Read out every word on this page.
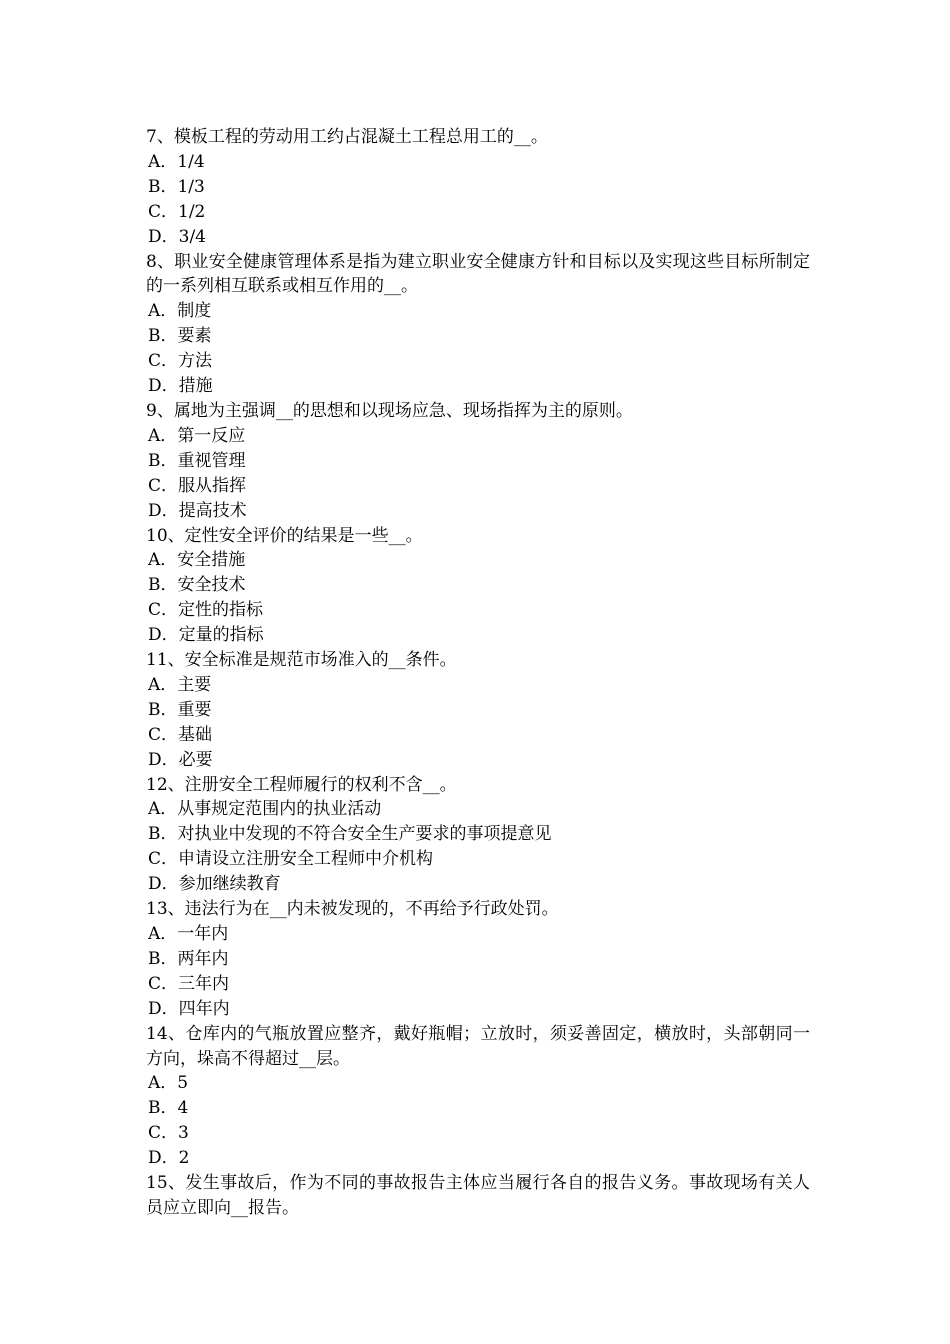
7、模板工程的劳动用工约占混凝土工程总用工的__。

A．1/4

B．1/3

C．1/2

D．3/4

8、职业安全健康管理体系是指为建立职业安全健康方针和目标以及实现这些目标所制定的一系列相互联系或相互作用的__。

A．制度

B．要素

C．方法

D．措施

9、属地为主强调__的思想和以现场应急、现场指挥为主的原则。

A．第一反应

B．重视管理

C．服从指挥

D．提高技术

10、定性安全评价的结果是一些__。

A．安全措施

B．安全技术

C．定性的指标

D．定量的指标

11、安全标准是规范市场准入的__条件。

A．主要

B．重要

C．基础

D．必要

12、注册安全工程师履行的权利不含__。

A．从事规定范围内的执业活动

B．对执业中发现的不符合安全生产要求的事项提意见

C．申请设立注册安全工程师中介机构

D．参加继续教育

13、违法行为在__内未被发现的，不再给予行政处罚。

A．一年内

B．两年内

C．三年内

D．四年内

14、仓库内的气瓶放置应整齐，戴好瓶帽；立放时，须妥善固定，横放时，头部朝同一方向，垛高不得超过__层。

A．5

B．4

C．3

D．2

15、发生事故后，作为不同的事故报告主体应当履行各自的报告义务。事故现场有关人员应立即向__报告。
